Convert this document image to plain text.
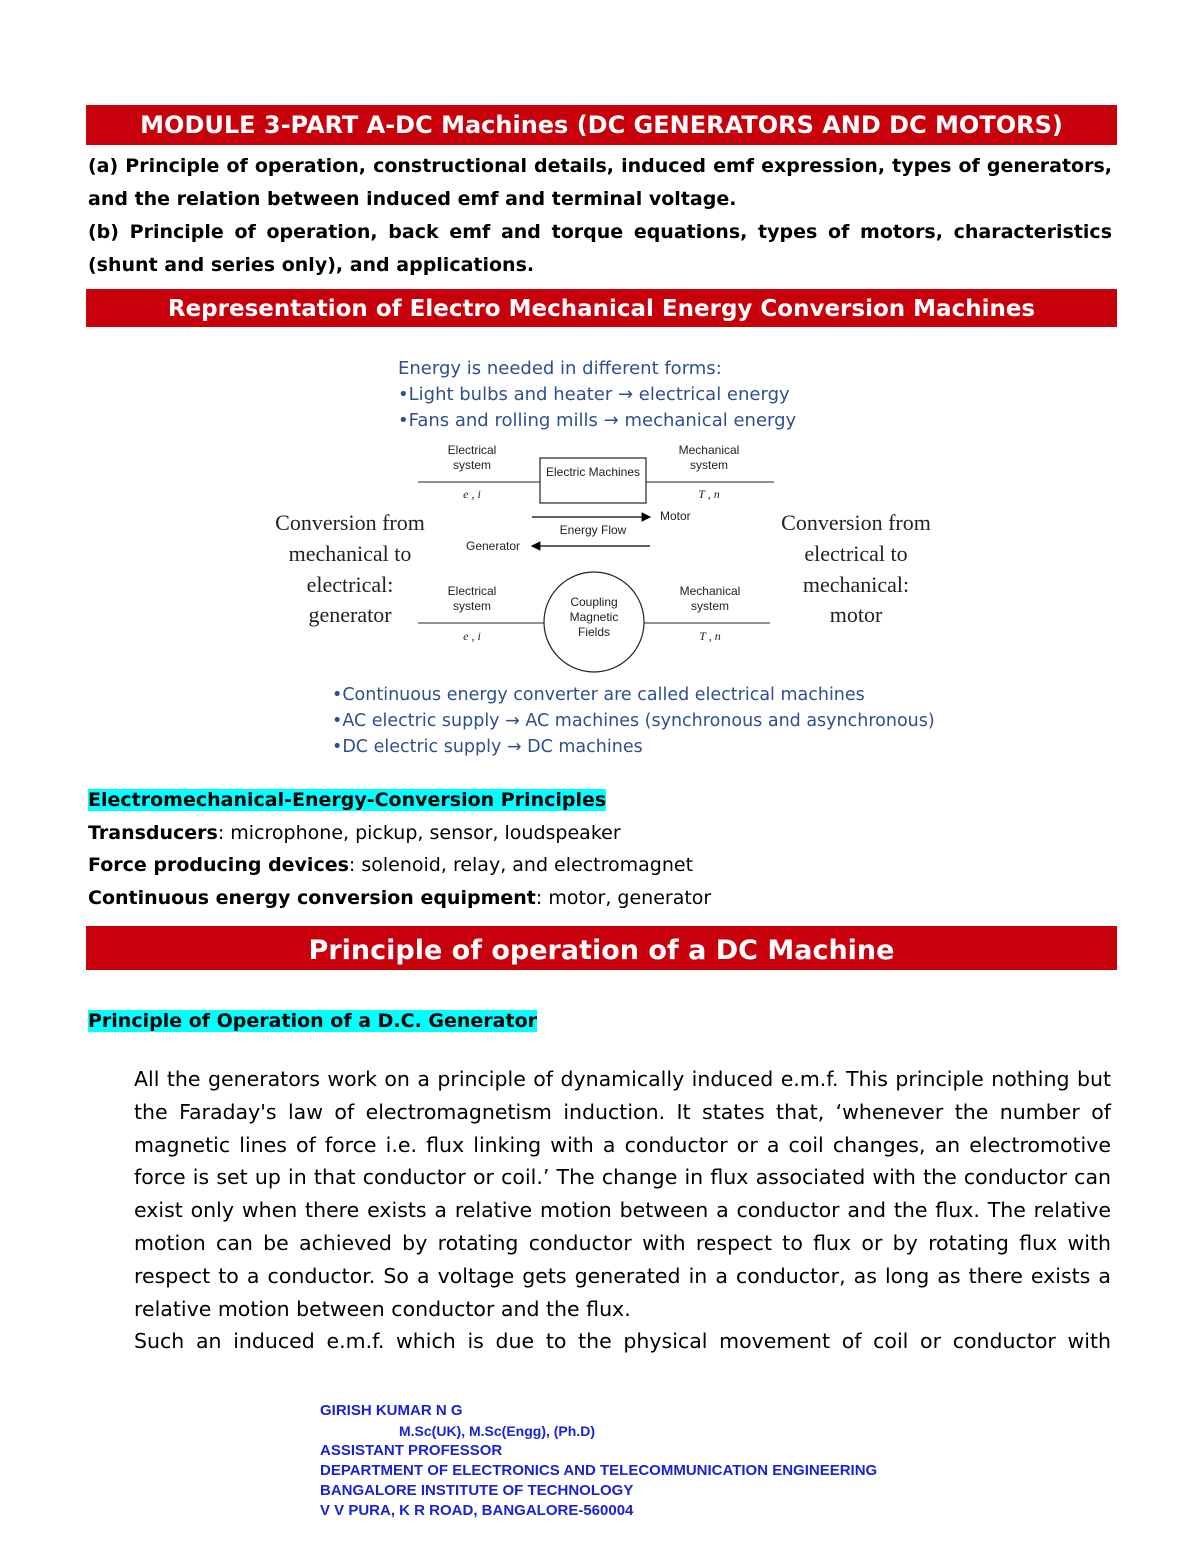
MODULE 3-PART A-DC Machines (DC GENERATORS AND DC MOTORS)

(a) Principle of operation, constructional details, induced emf expression, types of generators, and the relation between induced emf and terminal voltage.

(b) Principle of operation, back emf and torque equations, types of motors, characteristics (shunt and series only), and applications.

Representation of Electro Mechanical Energy Conversion Machines
Energy is needed in different forms:
•Light bulbs and heater → electrical energy
•Fans and rolling mills → mechanical energy
Conversion from
mechanical to
electrical:
generator
Conversion from
electrical to
mechanical:
motor
Electrical
system
Mechanical
system
Electric Machines
e , i	T , n
Motor
Energy Flow
Generator
Electrical
system
Mechanical
system
Coupling
Magnetic
Fields
e , i	T , n
•Continuous energy converter are called electrical machines
•AC electric supply → AC machines (synchronous and asynchronous)
•DC electric supply → DC machines
Electromechanical-Energy-Conversion Principles
Transducers: microphone, pickup, sensor, loudspeaker
Force producing devices: solenoid, relay, and electromagnet
Continuous energy conversion equipment: motor, generator
Principle of operation of a DC Machine
Principle of Operation of a D.C. Generator

All the generators work on a principle of dynamically induced e.m.f. This principle nothing but the Faraday's law of electromagnetism induction. It states that, ‘whenever the number of magnetic lines of force i.e. flux linking with a conductor or a coil changes, an electromotive force is set up in that conductor or coil.’ The change in flux associated with the conductor can exist only when there exists a relative motion between a conductor and the flux. The relative motion can be achieved by rotating conductor with respect to flux or by rotating flux with respect to a conductor. So a voltage gets generated in a conductor, as long as there exists a relative motion between conductor and the flux.

Such an induced e.m.f. which is due to the physical movement of coil or conductor with

GIRISH KUMAR N G
M.Sc(UK), M.Sc(Engg), (Ph.D)
ASSISTANT PROFESSOR
DEPARTMENT OF ELECTRONICS AND TELECOMMUNICATION ENGINEERING
BANGALORE INSTITUTE OF TECHNOLOGY
V V PURA, K R ROAD, BANGALORE-560004
